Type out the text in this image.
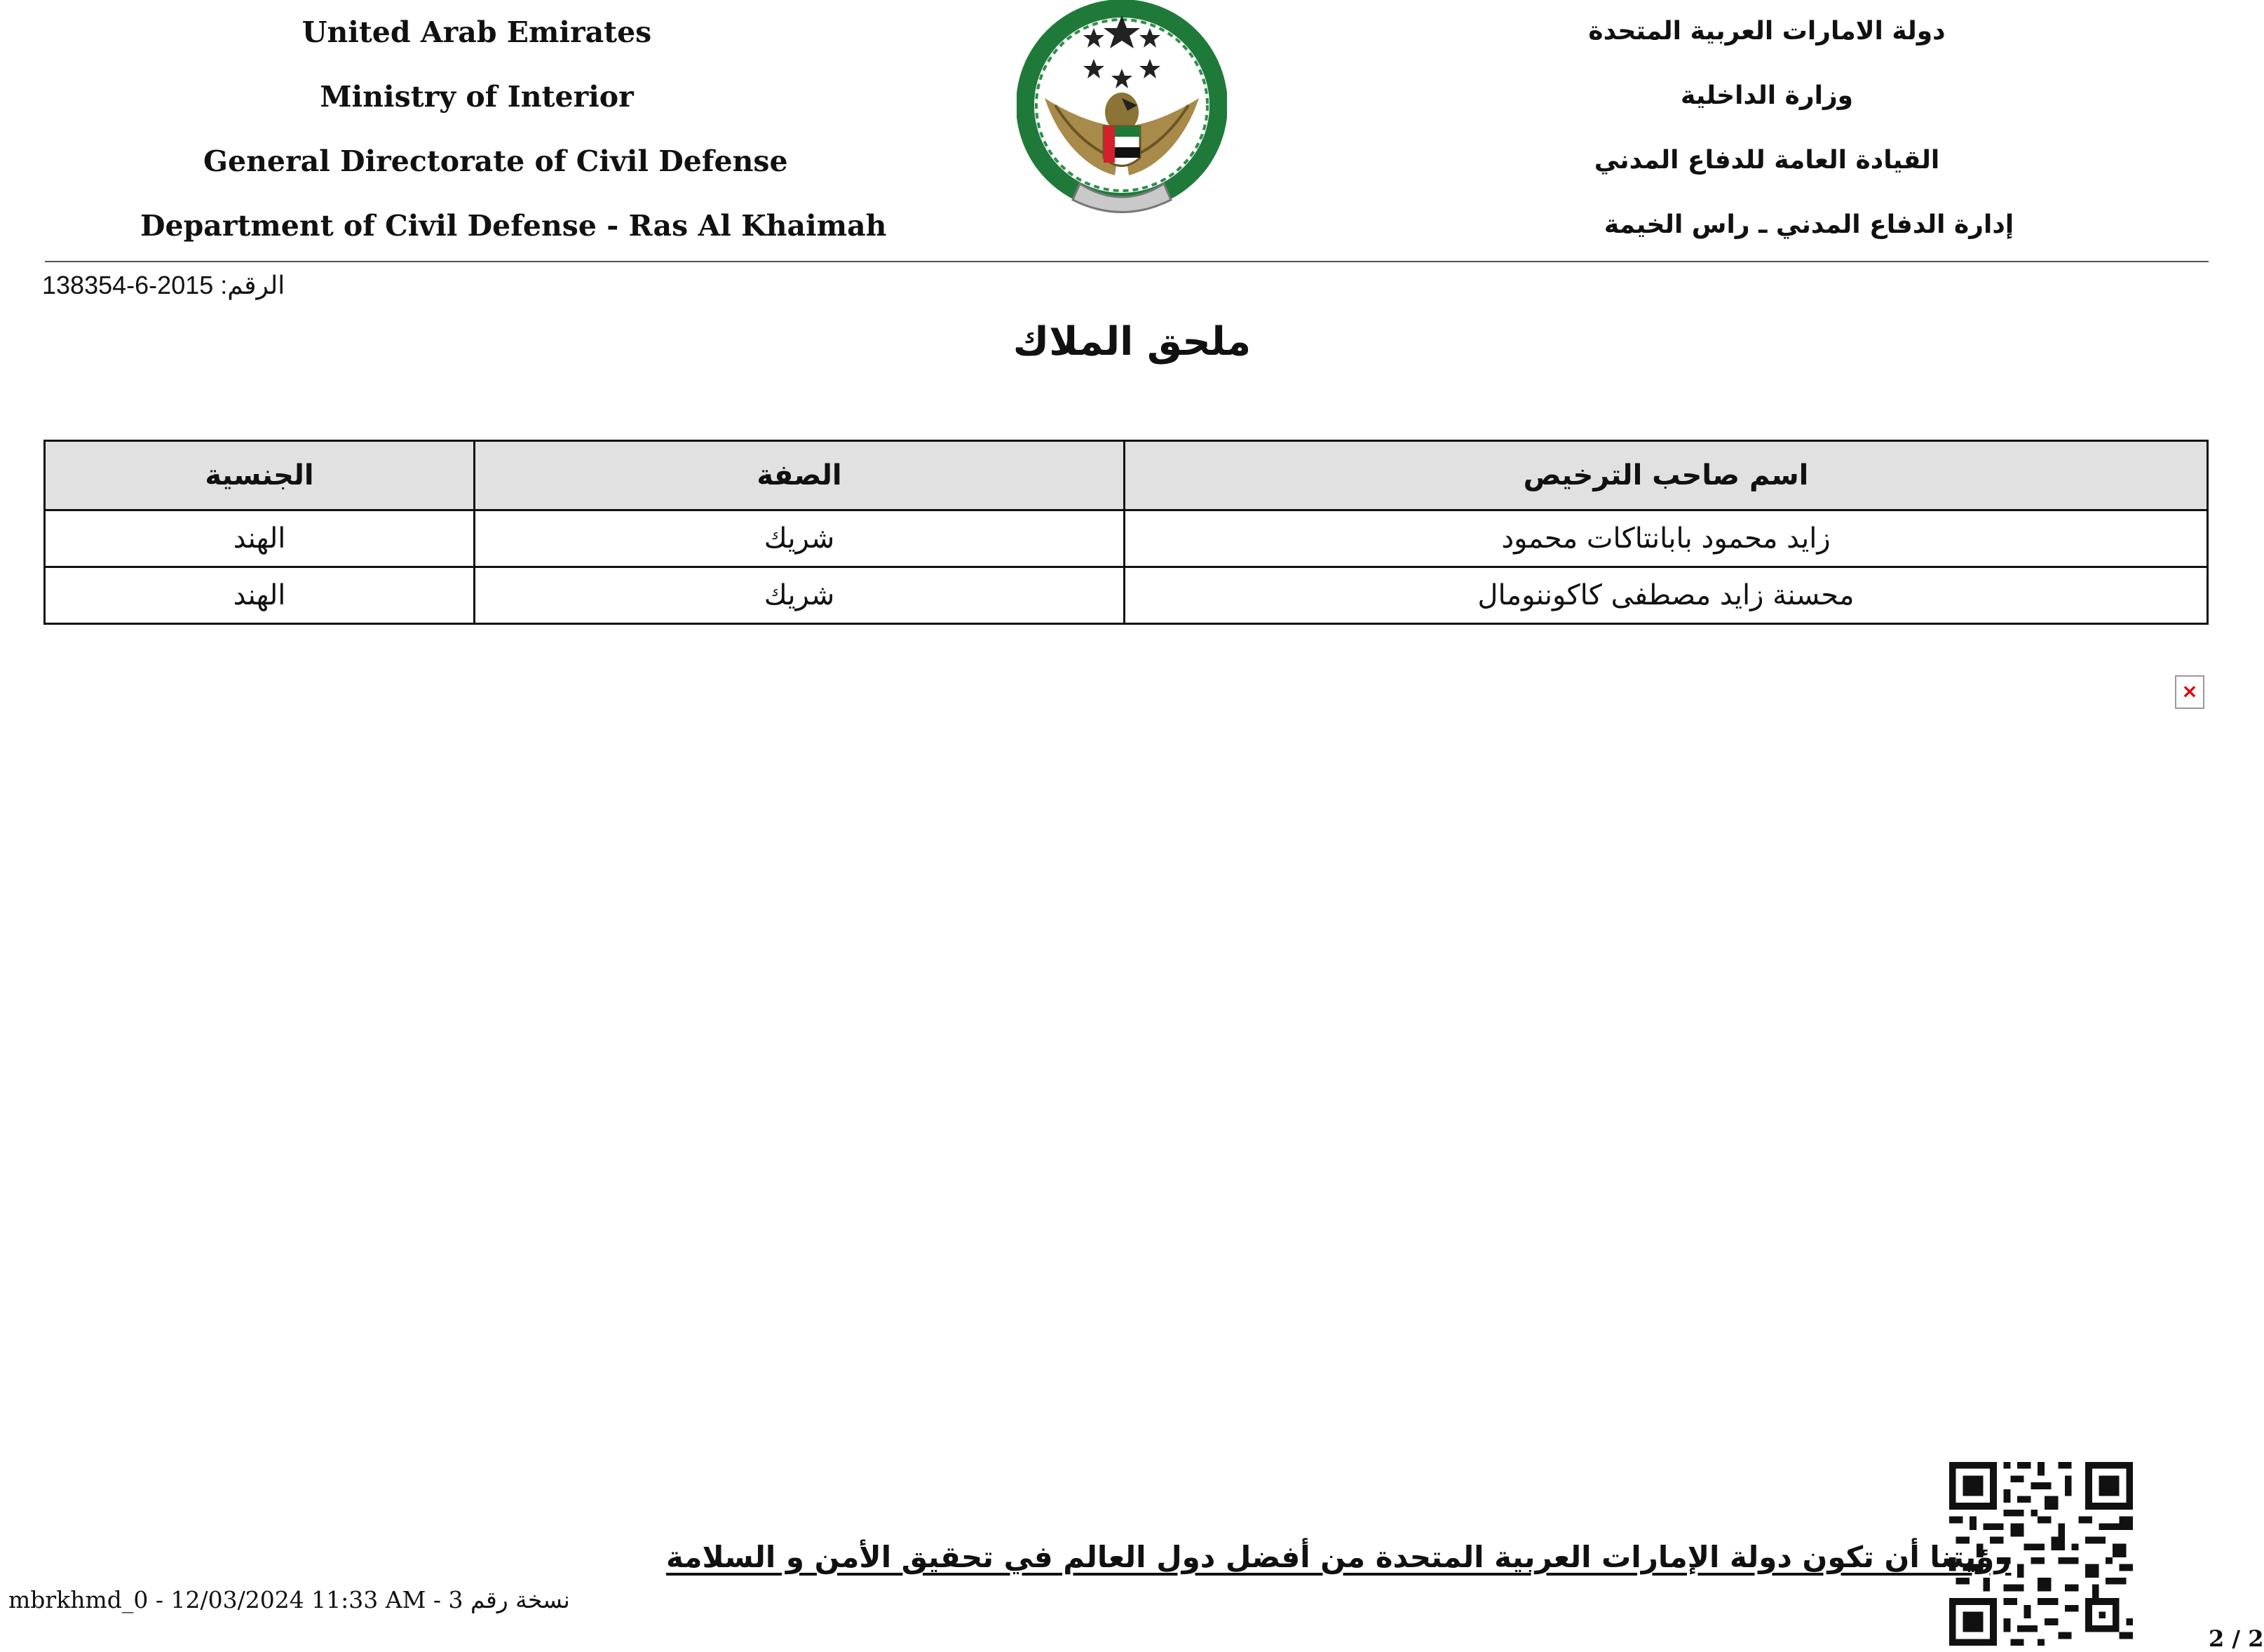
United Arab Emirates
Ministry of Interior
General Directorate of Civil Defense
Department of Civil Defense - Ras Al Khaimah
دولة الامارات العربية المتحدة
وزارة الداخلية
القيادة العامة للدفاع المدني
إدارة الدفاع المدني ـ راس الخيمة
الرقم: 2015-6-138354
ملحق الملاك
اسم صاحب الترخيص	الصفة	الجنسية
زايد محمود بابانتاكات محمود	شريك	الهند
محسنة زايد مصطفى كاكوننومال	شريك	الهند
×
رؤيتنا أن تكون دولة الإمارات العربية المتحدة من أفضل دول العالم في تحقيق الأمن و السلامة
mbrkhmd_0 - 12/03/2024 11:33 AM - نسخة رقم 3
2 / 2
